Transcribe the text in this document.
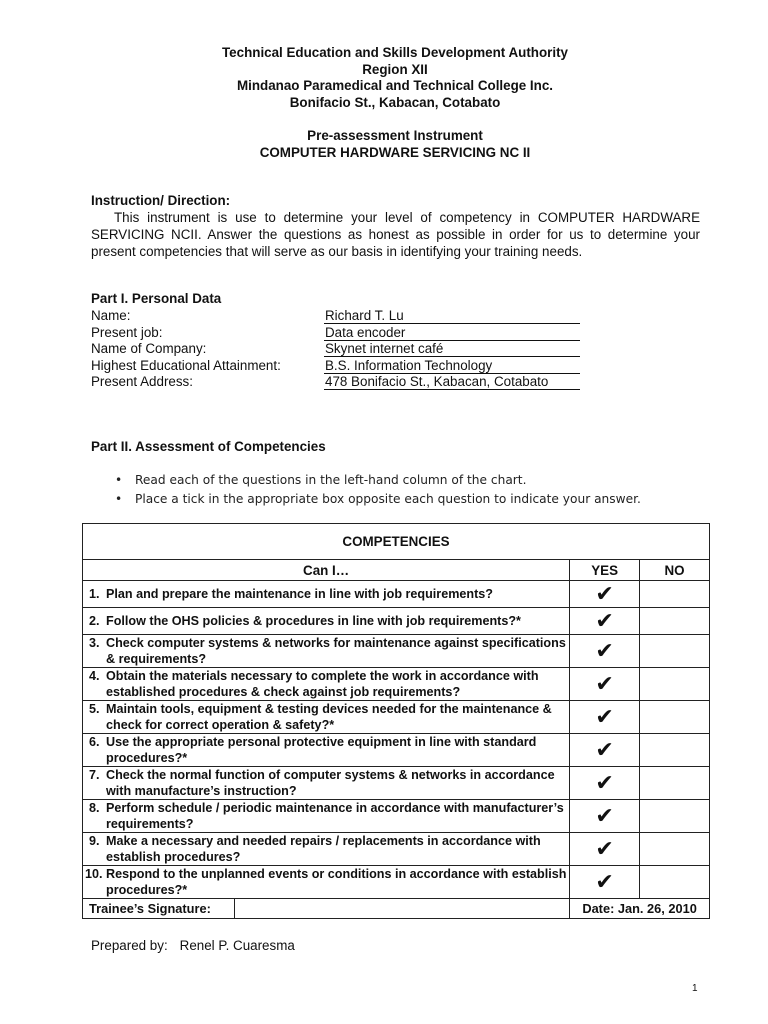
Technical Education and Skills Development Authority
Region XII
Mindanao Paramedical and Technical College Inc.
Bonifacio St., Kabacan, Cotabato
Pre-assessment Instrument
COMPUTER HARDWARE SERVICING NC II
Instruction/ Direction:
This instrument is use to determine your level of competency in COMPUTER HARDWARE SERVICING NCII. Answer the questions as honest as possible in order for us to determine your present competencies that will serve as our basis in identifying your training needs.
Part I. Personal Data
Name:	Richard T. Lu
Present job:	Data encoder
Name of Company:	Skynet internet café
Highest Educational Attainment:	B.S. Information Technology
Present Address:	478 Bonifacio St., Kabacan, Cotabato
Part II. Assessment of Competencies
• Read each of the questions in the left-hand column of the chart.
• Place a tick in the appropriate box opposite each question to indicate your answer.
COMPETENCIES		
Can I…	YES	NO

1. Plan and prepare the maintenance in line with job requirements?	✔	

2. Follow the OHS policies & procedures in line with job requirements?*	✔	

3. Check computer systems & networks for maintenance against specifications & requirements?	✔	

4. Obtain the materials necessary to complete the work in accordance with established procedures & check against job requirements?	✔	

5. Maintain tools, equipment & testing devices needed for the maintenance & check for correct operation & safety?*	✔	

6. Use the appropriate personal protective equipment in line with standard procedures?*	✔	

7. Check the normal function of computer systems & networks in accordance with manufacture’s instruction?	✔	

8. Perform schedule / periodic maintenance in accordance with manufacturer’s requirements?	✔	

9. Make a necessary and needed repairs / replacements in accordance with establish procedures?	✔	

10. Respond to the unplanned events or conditions in accordance with establish procedures?*	✔	

Trainee’s Signature:	Date: Jan. 26, 2010	
Prepared by: Renel P. Cuaresma
1
